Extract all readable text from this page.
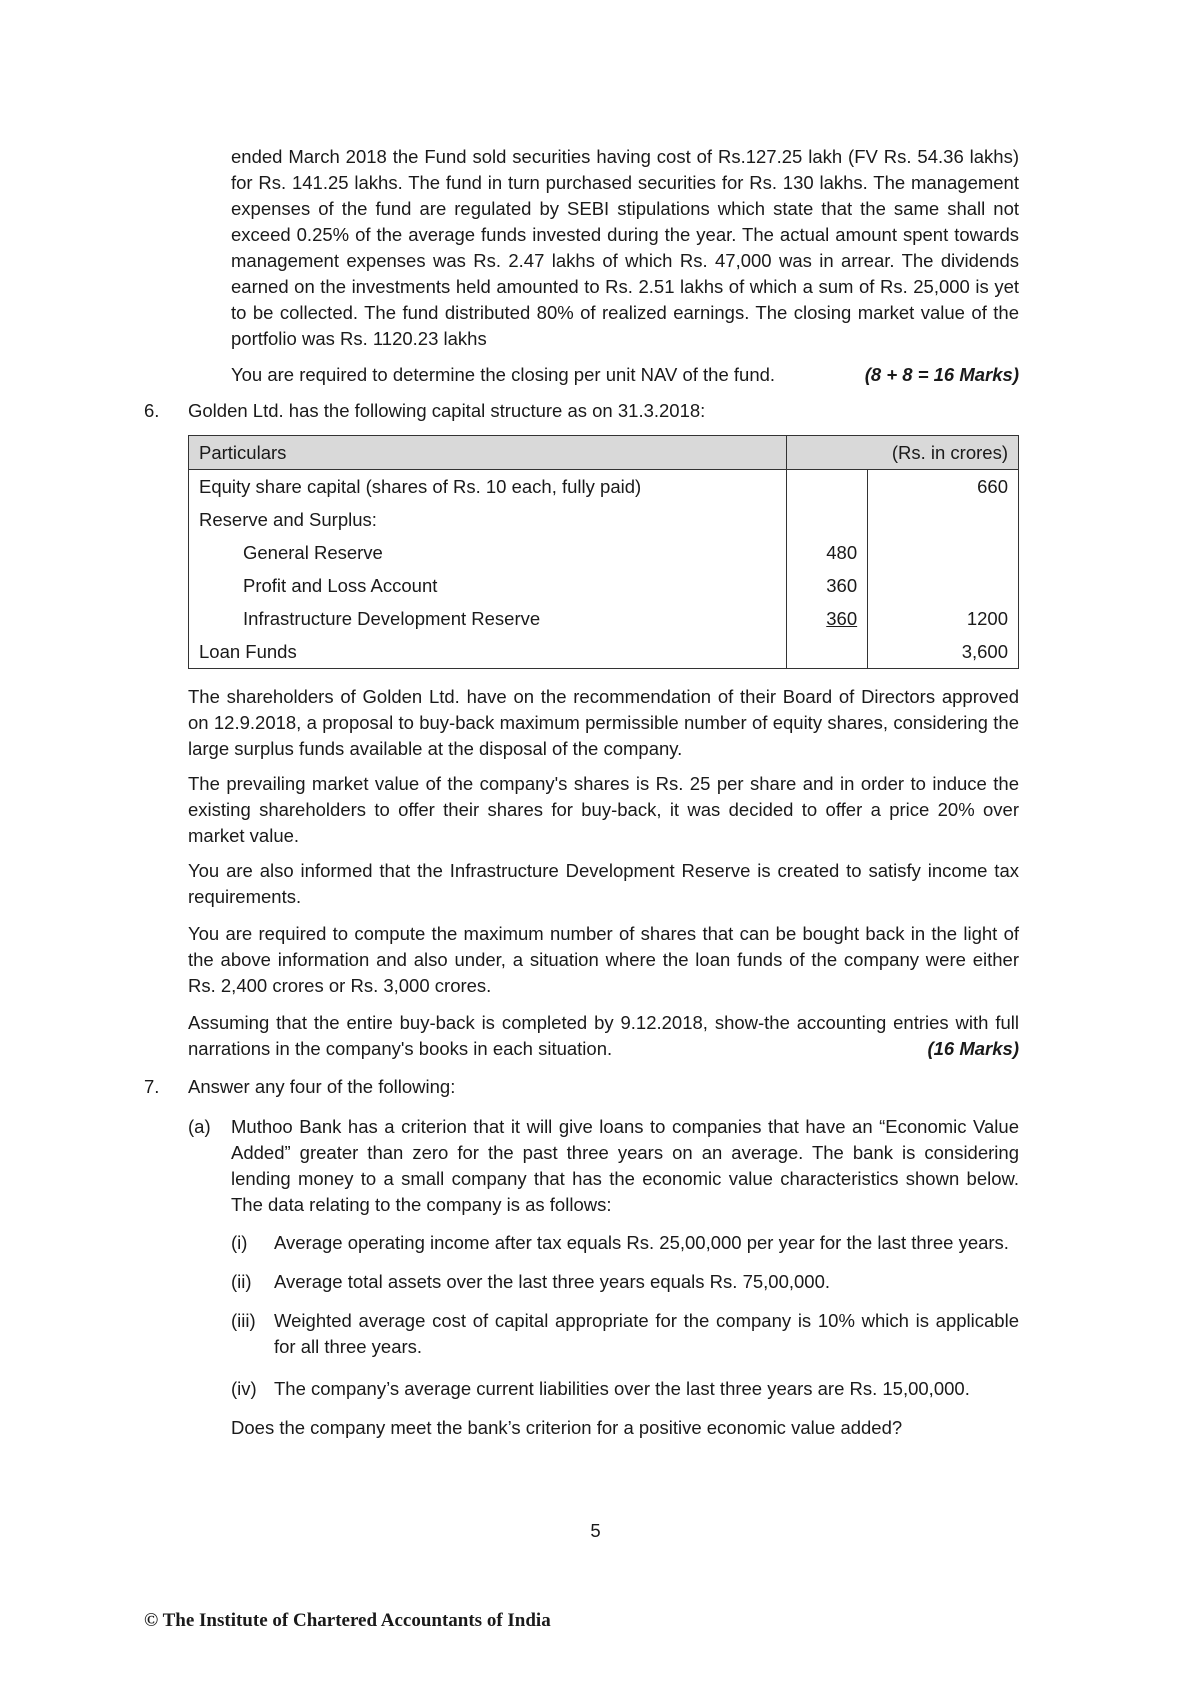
ended March 2018 the Fund sold securities having cost of Rs.127.25 lakh (FV Rs. 54.36 lakhs) for Rs. 141.25 lakhs. The fund in turn purchased securities for Rs. 130 lakhs. The management expenses of the fund are regulated by SEBI stipulations which state that the same shall not exceed 0.25% of the average funds invested during the year. The actual amount spent towards management expenses was Rs. 2.47 lakhs of which Rs. 47,000 was in arrear. The dividends earned on the investments held amounted to Rs. 2.51 lakhs of which a sum of Rs. 25,000 is yet to be collected. The fund distributed 80% of realized earnings. The closing market value of the portfolio was Rs. 1120.23 lakhs

You are required to determine the closing per unit NAV of the fund.	(8 + 8 = 16 Marks)

6. Golden Ltd. has the following capital structure as on 31.3.2018:

Particulars	(Rs. in crores)	
Equity share capital (shares of Rs. 10 each, fully paid)		660
Reserve and Surplus:		
General Reserve	480	
Profit and Loss Account	360	
Infrastructure Development Reserve	360	1200
Loan Funds		3,600

The shareholders of Golden Ltd. have on the recommendation of their Board of Directors approved on 12.9.2018, a proposal to buy-back maximum permissible number of equity shares, considering the large surplus funds available at the disposal of the company.

The prevailing market value of the company's shares is Rs. 25 per share and in order to induce the existing shareholders to offer their shares for buy-back, it was decided to offer a price 20% over market value.

You are also informed that the Infrastructure Development Reserve is created to satisfy income tax requirements.

You are required to compute the maximum number of shares that can be bought back in the light of the above information and also under, a situation where the loan funds of the company were either Rs. 2,400 crores or Rs. 3,000 crores.

Assuming that the entire buy-back is completed by 9.12.2018, show-the accounting entries with full narrations in the company's books in each situation.	(16 Marks)

7. Answer any four of the following:

(a) Muthoo Bank has a criterion that it will give loans to companies that have an “Economic Value Added” greater than zero for the past three years on an average. The bank is considering lending money to a small company that has the economic value characteristics shown below. The data relating to the company is as follows:

(i) Average operating income after tax equals Rs. 25,00,000 per year for the last three years.

(ii) Average total assets over the last three years equals Rs. 75,00,000.

(iii) Weighted average cost of capital appropriate for the company is 10% which is applicable for all three years.

(iv) The company’s average current liabilities over the last three years are Rs. 15,00,000.

Does the company meet the bank’s criterion for a positive economic value added?

5
© The Institute of Chartered Accountants of India
